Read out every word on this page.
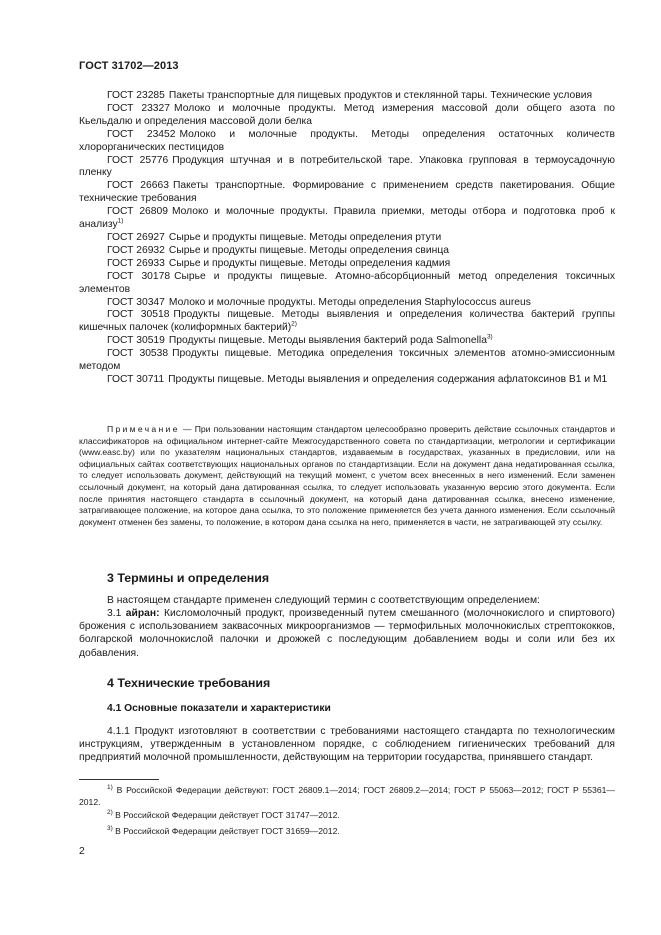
ГОСТ 31702—2013

ГОСТ 23285 Пакеты транспортные для пищевых продуктов и стеклянной тары. Технические условия

ГОСТ 23327 Молоко и молочные продукты. Метод измерения массовой доли общего азота по Кьельдалю и определения массовой доли белка

ГОСТ 23452 Молоко и молочные продукты. Методы определения остаточных количеств хлорорганических пестицидов

ГОСТ 25776 Продукция штучная и в потребительской таре. Упаковка групповая в термоусадочную пленку

ГОСТ 26663 Пакеты транспортные. Формирование с применением средств пакетирования. Общие технические требования

ГОСТ 26809 Молоко и молочные продукты. Правила приемки, методы отбора и подготовка проб к анализу$^{1)}$

ГОСТ 26927 Сырье и продукты пищевые. Методы определения ртути

ГОСТ 26932 Сырье и продукты пищевые. Методы определения свинца

ГОСТ 26933 Сырье и продукты пищевые. Методы определения кадмия

ГОСТ 30178 Сырье и продукты пищевые. Атомно-абсорбционный метод определения токсичных элементов

ГОСТ 30347 Молоко и молочные продукты. Методы определения Staphylococcus aureus

ГОСТ 30518 Продукты пищевые. Методы выявления и определения количества бактерий группы кишечных палочек (колиформных бактерий)$^{2)}$

ГОСТ 30519 Продукты пищевые. Методы выявления бактерий рода Salmonella$^{3)}$

ГОСТ 30538 Продукты пищевые. Методика определения токсичных элементов атомно-эмиссионным методом

ГОСТ 30711 Продукты пищевые. Методы выявления и определения содержания афлатоксинов B1 и M1

Примечание — При пользовании настоящим стандартом целесообразно проверить действие ссылочных стандартов и классификаторов на официальном интернет-сайте Межгосударственного совета по стандартизации, метрологии и сертификации (www.easc.by) или по указателям национальных стандартов, издаваемым в государствах, указанных в предисловии, или на официальных сайтах соответствующих национальных органов по стандартизации. Если на документ дана недатированная ссылка, то следует использовать документ, действующий на текущий момент, с учетом всех внесенных в него изменений. Если заменен ссылочный документ, на который дана датированная ссылка, то следует использовать указанную версию этого документа. Если после принятия настоящего стандарта в ссылочный документ, на который дана датированная ссылка, внесено изменение, затрагивающее положение, на которое дана ссылка, то это положение применяется без учета данного изменения. Если ссылочный документ отменен без замены, то положение, в котором дана ссылка на него, применяется в части, не затрагивающей эту ссылку.

3 Термины и определения

В настоящем стандарте применен следующий термин с соответствующим определением:

3.1 айран: Кисломолочный продукт, произведенный путем смешанного (молочнокислого и спиртового) брожения с использованием заквасочных микроорганизмов — термофильных молочнокислых стрептококков, болгарской молочнокислой палочки и дрожжей с последующим добавлением воды и соли или без их добавления.

4 Технические требования

4.1 Основные показатели и характеристики

4.1.1 Продукт изготовляют в соответствии с требованиями настоящего стандарта по технологическим инструкциям, утвержденным в установленном порядке, с соблюдением гигиенических требований для предприятий молочной промышленности, действующим на территории государства, принявшего стандарт.

$^{1)}$ В Российской Федерации действуют: ГОСТ 26809.1—2014; ГОСТ 26809.2—2014; ГОСТ Р 55063—2012; ГОСТ Р 55361—2012.

$^{2)}$ В Российской Федерации действует ГОСТ 31747—2012.

$^{3)}$ В Российской Федерации действует ГОСТ 31659—2012.

2
